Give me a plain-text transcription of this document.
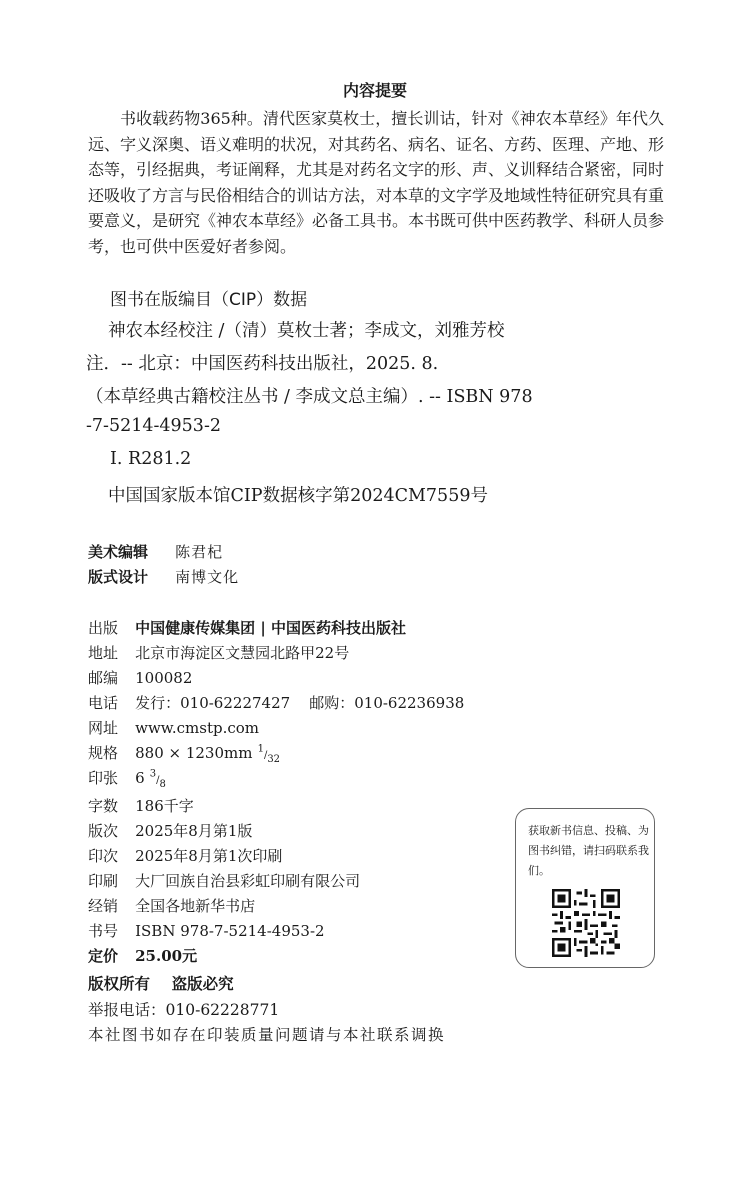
内容提要
书收载药物365种。清代医家莫枚士，擅长训诂，针对《神农本草经》年代久远、字义深奥、语义难明的状况，对其药名、病名、证名、方药、医理、产地、形态等，引经据典，考证阐释，尤其是对药名文字的形、声、义训释结合紧密，同时还吸收了方言与民俗相结合的训诂方法，对本草的文字学及地域性特征研究具有重要意义，是研究《神农本草经》必备工具书。本书既可供中医药教学、科研人员参考，也可供中医爱好者参阅。
图书在版编目（CIP）数据
神农本经校注 /（清）莫枚士著；李成文，刘雅芳校
注．-- 北京：中国医药科技出版社，2025. 8.
（本草经典古籍校注丛书 / 李成文总主编）. -- ISBN 978
-7-5214-4953-2
Ⅰ. R281.2
中国国家版本馆CIP数据核字第2024CM7559号
美术编辑 陈君杞
版式设计 南博文化
出版 中国健康传媒集团 | 中国医药科技出版社
地址 北京市海淀区文慧园北路甲22号
邮编 100082
电话 发行：010-62227427    邮购：010-62236938
网址 www.cmstp.com
规格 880 × 1230mm $^1/_{32}$
印张 6 $^3/_8$
字数 186千字
版次 2025年8月第1版
印次 2025年8月第1次印刷
印刷 大厂回族自治县彩虹印刷有限公司
经销 全国各地新华书店
书号 ISBN 978-7-5214-4953-2
定价 25.00元
版权所有    盗版必究
举报电话：010-62228771
本社图书如存在印装质量问题请与本社联系调换
获取新书信息、投稿、为图书纠错，请扫码联系我们。
